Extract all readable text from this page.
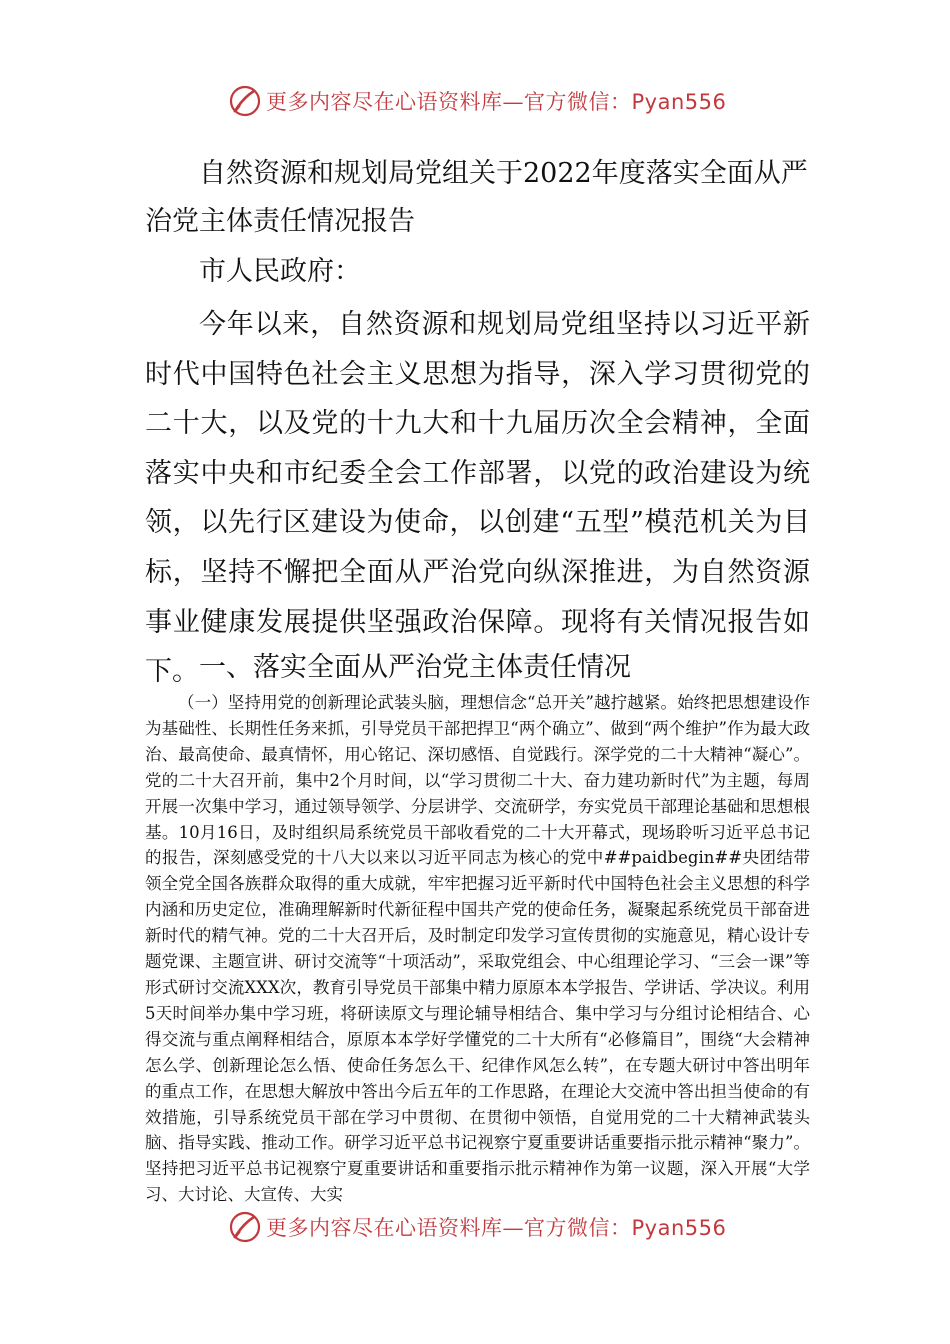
更多内容尽在心语资料库—官方微信：Pyan556
自然资源和规划局党组关于2022年度落实全面从严治党主体责任情况报告

市人民政府：

今年以来，自然资源和规划局党组坚持以习近平新时代中国特色社会主义思想为指导，深入学习贯彻党的二十大，以及党的十九大和十九届历次全会精神，全面落实中央和市纪委全会工作部署，以党的政治建设为统领，以先行区建设为使命，以创建“五型”模范机关为目标，坚持不懈把全面从严治党向纵深推进，为自然资源事业健康发展提供坚强政治保障。现将有关情况报告如下。 一、落实全面从严治党主体责任情况

（一）坚持用党的创新理论武装头脑，理想信念“总开关”越拧越紧。始终把思想建设作为基础性、长期性任务来抓，引导党员干部把捍卫“两个确立”、做到“两个维护”作为最大政治、最高使命、最真情怀，用心铭记、深切感悟、自觉践行。深学党的二十大精神“凝心”。党的二十大召开前，集中2个月时间，以“学习贯彻二十大、奋力建功新时代”为主题，每周开展一次集中学习，通过领导领学、分层讲学、交流研学，夯实党员干部理论基础和思想根基。10月16日，及时组织局系统党员干部收看党的二十大开幕式，现场聆听习近平总书记的报告，深刻感受党的十八大以来以习近平同志为核心的党中##paidbegin##央团结带领全党全国各族群众取得的重大成就，牢牢把握习近平新时代中国特色社会主义思想的科学内涵和历史定位，准确理解新时代新征程中国共产党的使命任务，凝聚起系统党员干部奋进新时代的精气神。党的二十大召开后，及时制定印发学习宣传贯彻的实施意见，精心设计专题党课、主题宣讲、研讨交流等“十项活动”，采取党组会、中心组理论学习、“三会一课”等形式研讨交流XXX次，教育引导党员干部集中精力原原本本学报告、学讲话、学决议。利用5天时间举办集中学习班，将研读原文与理论辅导相结合、集中学习与分组讨论相结合、心得交流与重点阐释相结合，原原本本学好学懂党的二十大所有“必修篇目”，围绕“大会精神怎么学、创新理论怎么悟、使命任务怎么干、纪律作风怎么转”，在专题大研讨中答出明年的重点工作，在思想大解放中答出今后五年的工作思路，在理论大交流中答出担当使命的有效措施，引导系统党员干部在学习中贯彻、在贯彻中领悟，自觉用党的二十大精神武装头脑、指导实践、推动工作。研学习近平总书记视察宁夏重要讲话重要指示批示精神“聚力”。坚持把习近平总书记视察宁夏重要讲话和重要指示批示精神作为第一议题，深入开展“大学习、大讨论、大宣传、大实

更多内容尽在心语资料库—官方微信：Pyan556
